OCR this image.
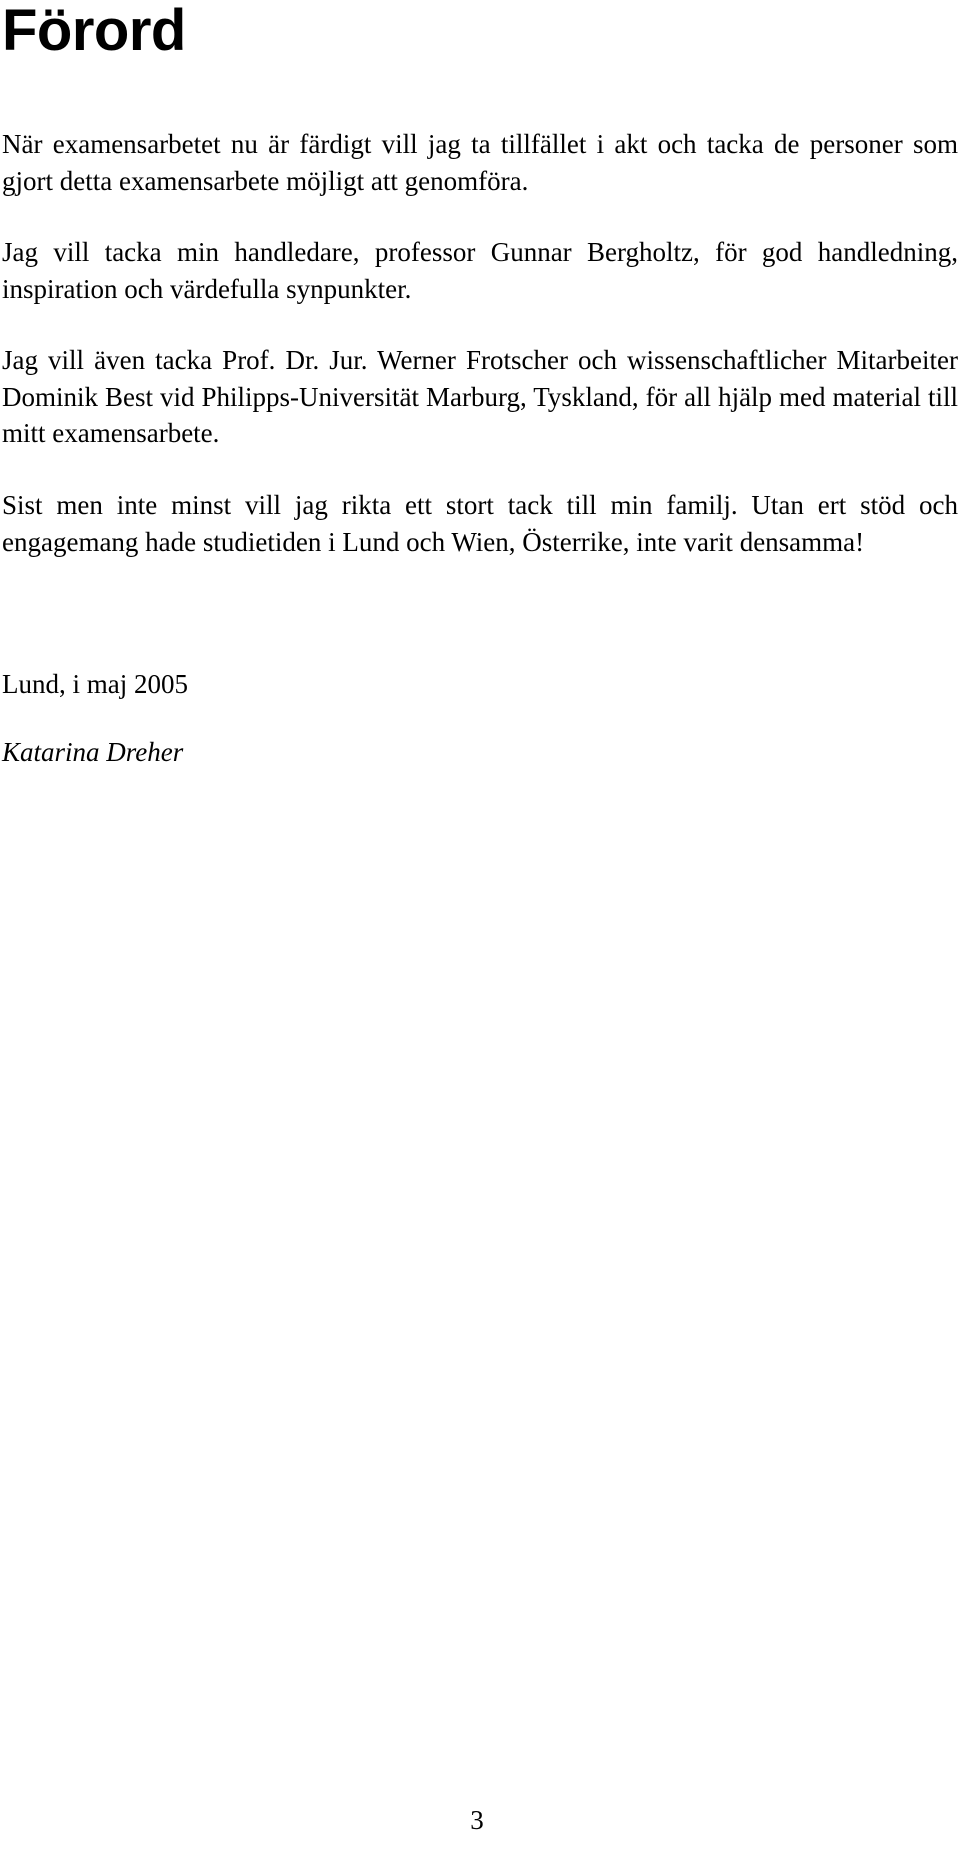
Förord

När examensarbetet nu är färdigt vill jag ta tillfället i akt och tacka de personer som gjort detta examensarbete möjligt att genomföra.

Jag vill tacka min handledare, professor Gunnar Bergholtz, för god handledning, inspiration och värdefulla synpunkter.

Jag vill även tacka Prof. Dr. Jur. Werner Frotscher och wissenschaftlicher Mitarbeiter Dominik Best vid Philipps-Universität Marburg, Tyskland, för all hjälp med material till mitt examensarbete.

Sist men inte minst vill jag rikta ett stort tack till min familj. Utan ert stöd och engagemang hade studietiden i Lund och Wien, Österrike, inte varit densamma!

Lund, i maj 2005

Katarina Dreher

3
